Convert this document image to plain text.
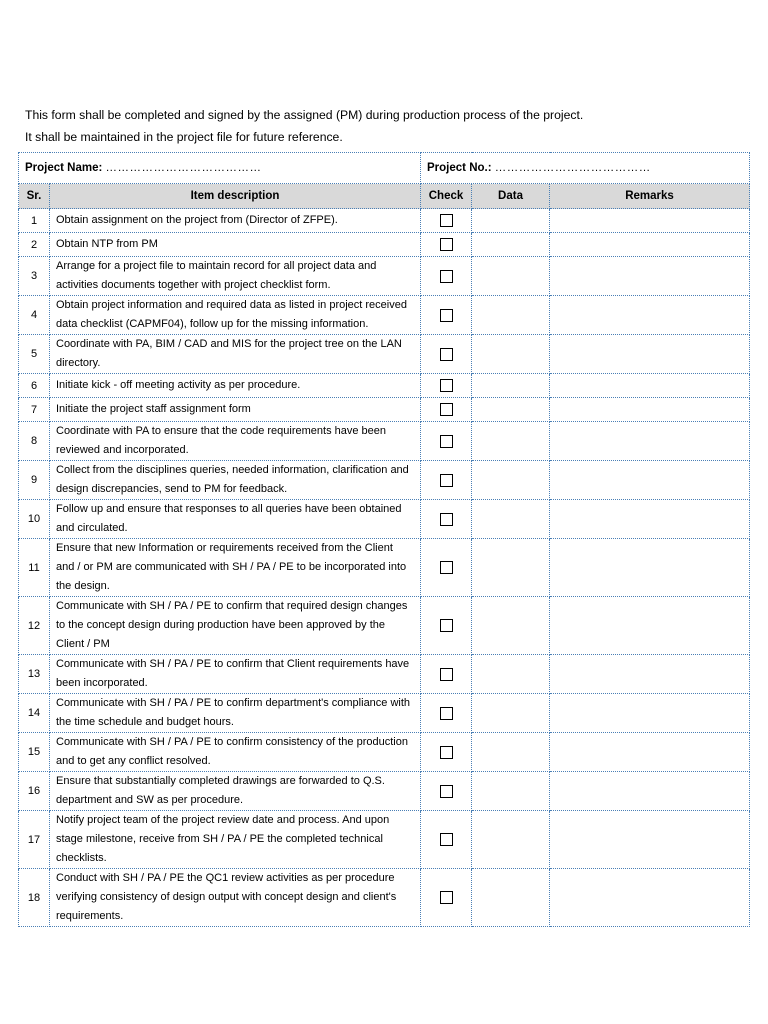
This form shall be completed and signed by the assigned (PM) during production process of the project.

It shall be maintained in the project file for future reference.

Project Name: …………………………………		Project No.: …………………………………		
Sr.	Item description	Check	Data	Remarks
1	Obtain assignment on the project from (Director of ZFPE).			
2	Obtain NTP from PM			
3	Arrange for a project file to maintain record for all project data and activities documents together with project checklist form.			
4	Obtain project information and required data as listed in project received data checklist (CAPMF04), follow up for the missing information.			
5	Coordinate with PA, BIM / CAD and MIS for the project tree on the LAN directory.			
6	Initiate kick - off meeting activity as per procedure.			
7	Initiate the project staff assignment form			
8	Coordinate with PA to ensure that the code requirements have been reviewed and incorporated.			
9	Collect from the disciplines queries, needed information, clarification and design discrepancies, send to PM for feedback.			
10	Follow up and ensure that responses to all queries have been obtained and circulated.			
11	Ensure that new Information or requirements received from the Client and / or PM are communicated with SH / PA / PE to be incorporated into the design.			
12	Communicate with SH / PA / PE to confirm that required design changes to the concept design during production have been approved by the Client / PM			
13	Communicate with SH / PA / PE to confirm that Client requirements have been incorporated.			
14	Communicate with SH / PA / PE to confirm department's compliance with the time schedule and budget hours.			
15	Communicate with SH / PA / PE to confirm consistency of the production and to get any conflict resolved.			
16	Ensure that substantially completed drawings are forwarded to Q.S. department and SW as per procedure.			
17	Notify project team of the project review date and process. And upon stage milestone, receive from SH / PA / PE the completed technical checklists.			
18	Conduct with SH / PA / PE the QC1 review activities as per procedure verifying consistency of design output with concept design and client's requirements.			
